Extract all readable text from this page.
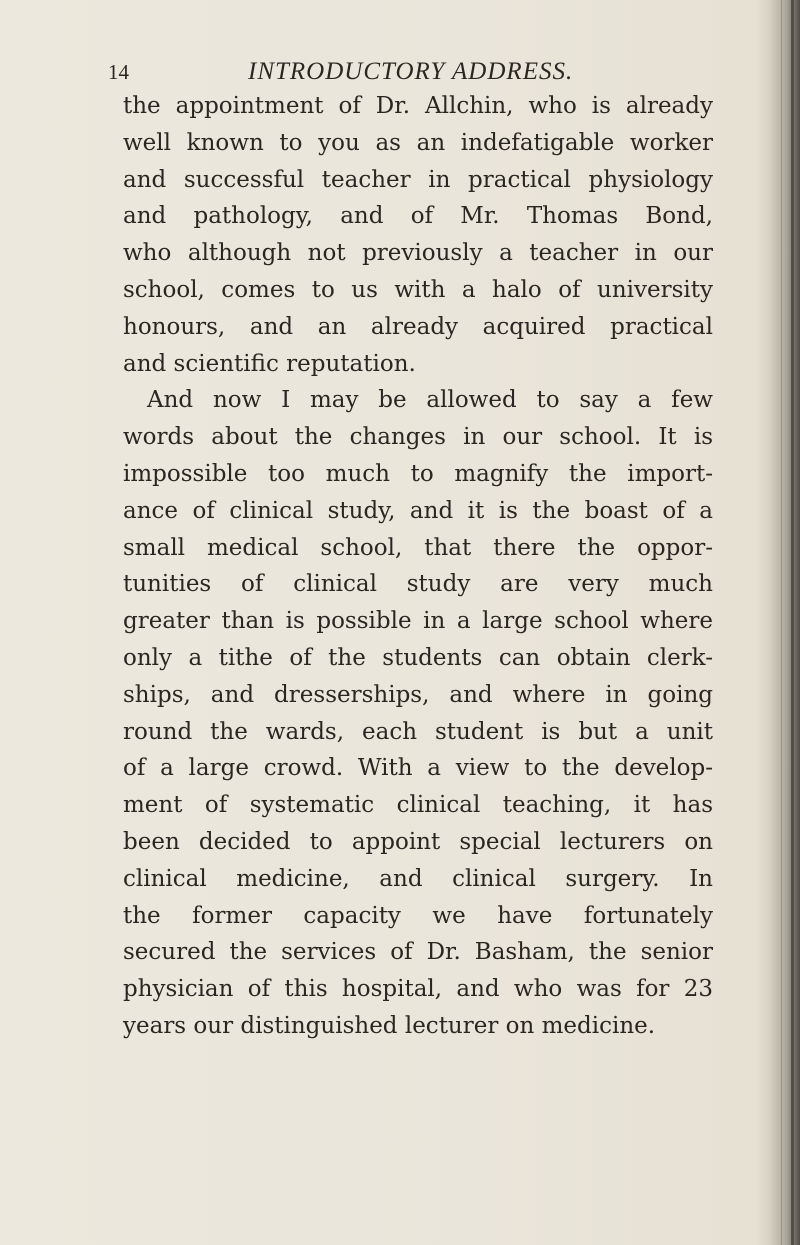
14	INTRODUCTORY ADDRESS.
the appointment of Dr. Allchin, who is already
well known to you as an indefatigable worker
and successful teacher in practical physiology
and pathology, and of Mr. Thomas Bond,
who although not previously a teacher in our
school, comes to us with a halo of university
honours, and an already acquired practical
and scientific reputation.
And now I may be allowed to say a few
words about the changes in our school. It is
impossible too much to magnify the import-
ance of clinical study, and it is the boast of a
small medical school, that there the oppor-
tunities of clinical study are very much
greater than is possible in a large school where
only a tithe of the students can obtain clerk-
ships, and dresserships, and where in going
round the wards, each student is but a unit
of a large crowd. With a view to the develop-
ment of systematic clinical teaching, it has
been decided to appoint special lecturers on
clinical medicine, and clinical surgery. In
the former capacity we have fortunately
secured the services of Dr. Basham, the senior
physician of this hospital, and who was for 23
years our distinguished lecturer on medicine.
